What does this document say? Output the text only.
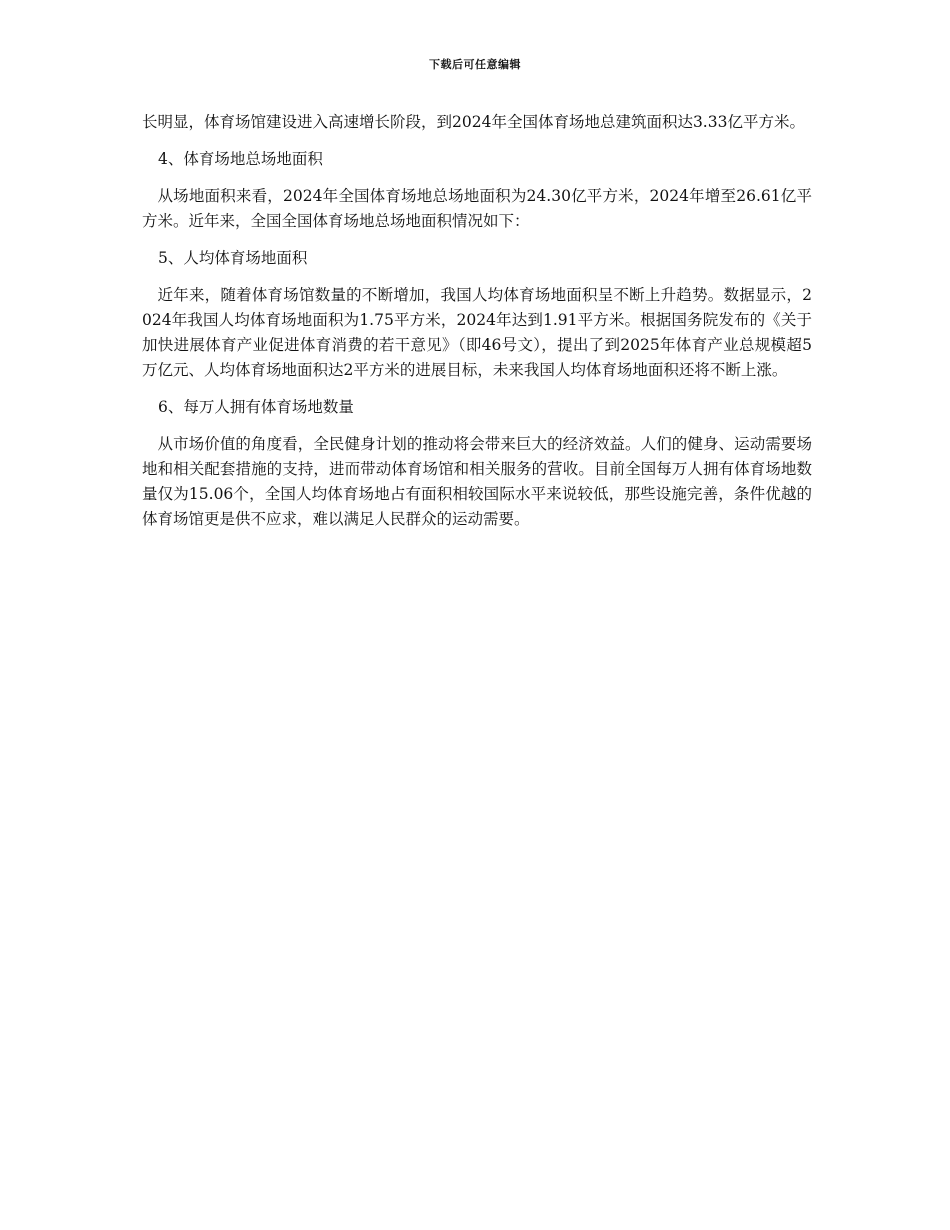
下载后可任意编辑

长明显，体育场馆建设进入高速增长阶段，到2024年全国体育场地总建筑面积达3.33亿平方米。

4、体育场地总场地面积

从场地面积来看，2024年全国体育场地总场地面积为24.30亿平方米，2024年增至26.61亿平方米。近年来，全国全国体育场地总场地面积情况如下：

5、人均体育场地面积

近年来，随着体育场馆数量的不断增加，我国人均体育场地面积呈不断上升趋势。数据显示，2024年我国人均体育场地面积为1.75平方米，2024年达到1.91平方米。根据国务院发布的《关于加快进展体育产业促进体育消费的若干意见》（即46号文），提出了到2025年体育产业总规模超5万亿元、人均体育场地面积达2平方米的进展目标，未来我国人均体育场地面积还将不断上涨。

6、每万人拥有体育场地数量

从市场价值的角度看，全民健身计划的推动将会带来巨大的经济效益。人们的健身、运动需要场地和相关配套措施的支持，进而带动体育场馆和相关服务的营收。目前全国每万人拥有体育场地数量仅为15.06个，全国人均体育场地占有面积相较国际水平来说较低，那些设施完善，条件优越的体育场馆更是供不应求，难以满足人民群众的运动需要。
